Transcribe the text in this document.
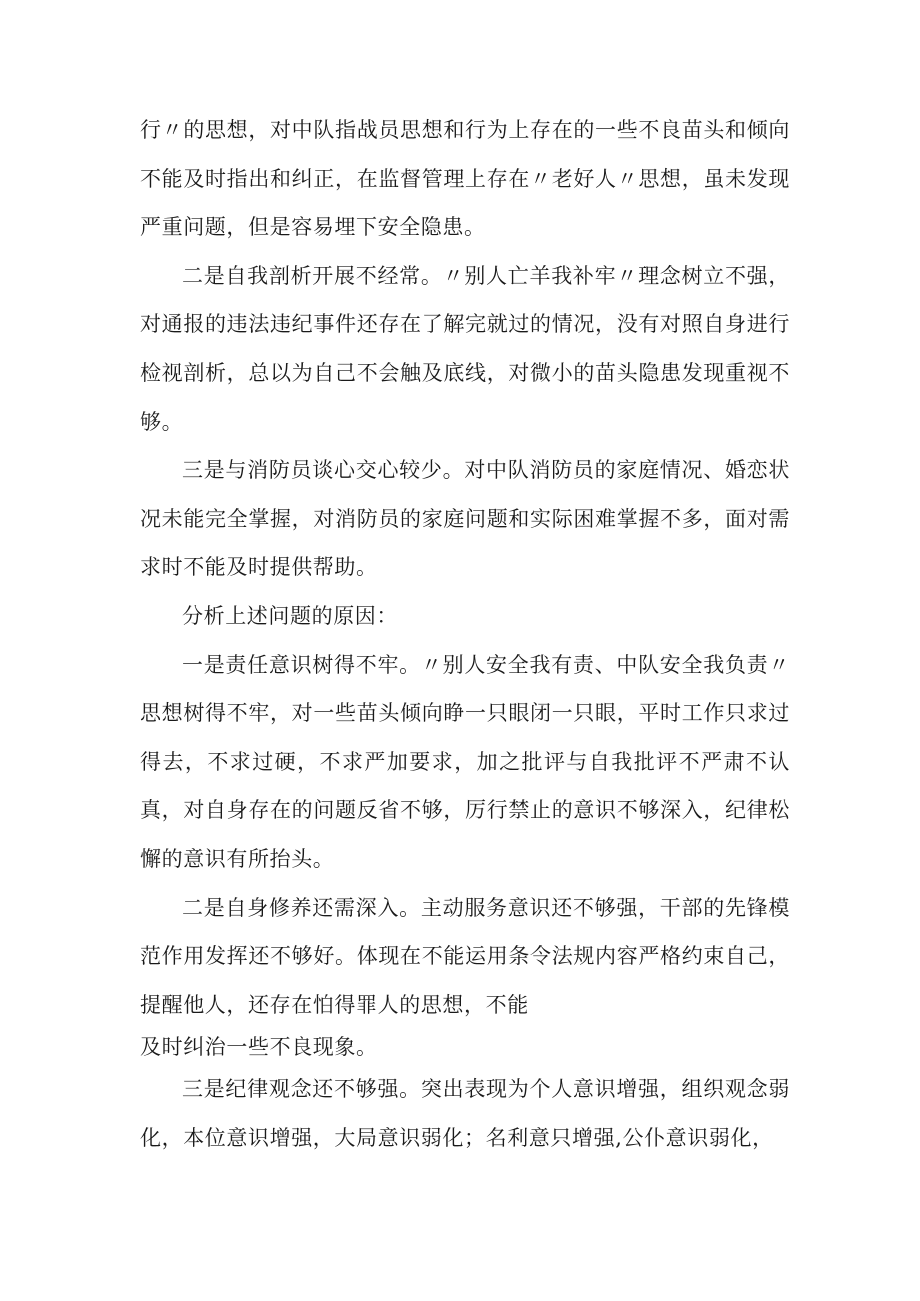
行〃的思想，对中队指战员思想和行为上存在的一些不良苗头和倾向不能及时指出和纠正，在监督管理上存在〃老好人〃思想，虽未发现严重问题，但是容易埋下安全隐患。

二是自我剖析开展不经常。〃别人亡羊我补牢〃理念树立不强，对通报的违法违纪事件还存在了解完就过的情况，没有对照自身进行检视剖析，总以为自己不会触及底线，对微小的苗头隐患发现重视不够。

三是与消防员谈心交心较少。对中队消防员的家庭情况、婚恋状况未能完全掌握，对消防员的家庭问题和实际困难掌握不多，面对需求时不能及时提供帮助。

分析上述问题的原因：

一是责任意识树得不牢。〃别人安全我有责、中队安全我负责〃思想树得不牢，对一些苗头倾向睁一只眼闭一只眼，平时工作只求过得去，不求过硬，不求严加要求，加之批评与自我批评不严肃不认真，对自身存在的问题反省不够，厉行禁止的意识不够深入，纪律松懈的意识有所抬头。

二是自身修养还需深入。主动服务意识还不够强，干部的先锋模范作用发挥还不够好。体现在不能运用条令法规内容严格约束自己，提醒他人，还存在怕得罪人的思想，不能

及时纠治一些不良现象。

三是纪律观念还不够强。突出表现为个人意识增强，组织观念弱化，本位意识增强，大局意识弱化；名利意只增强,公仆意识弱化，
